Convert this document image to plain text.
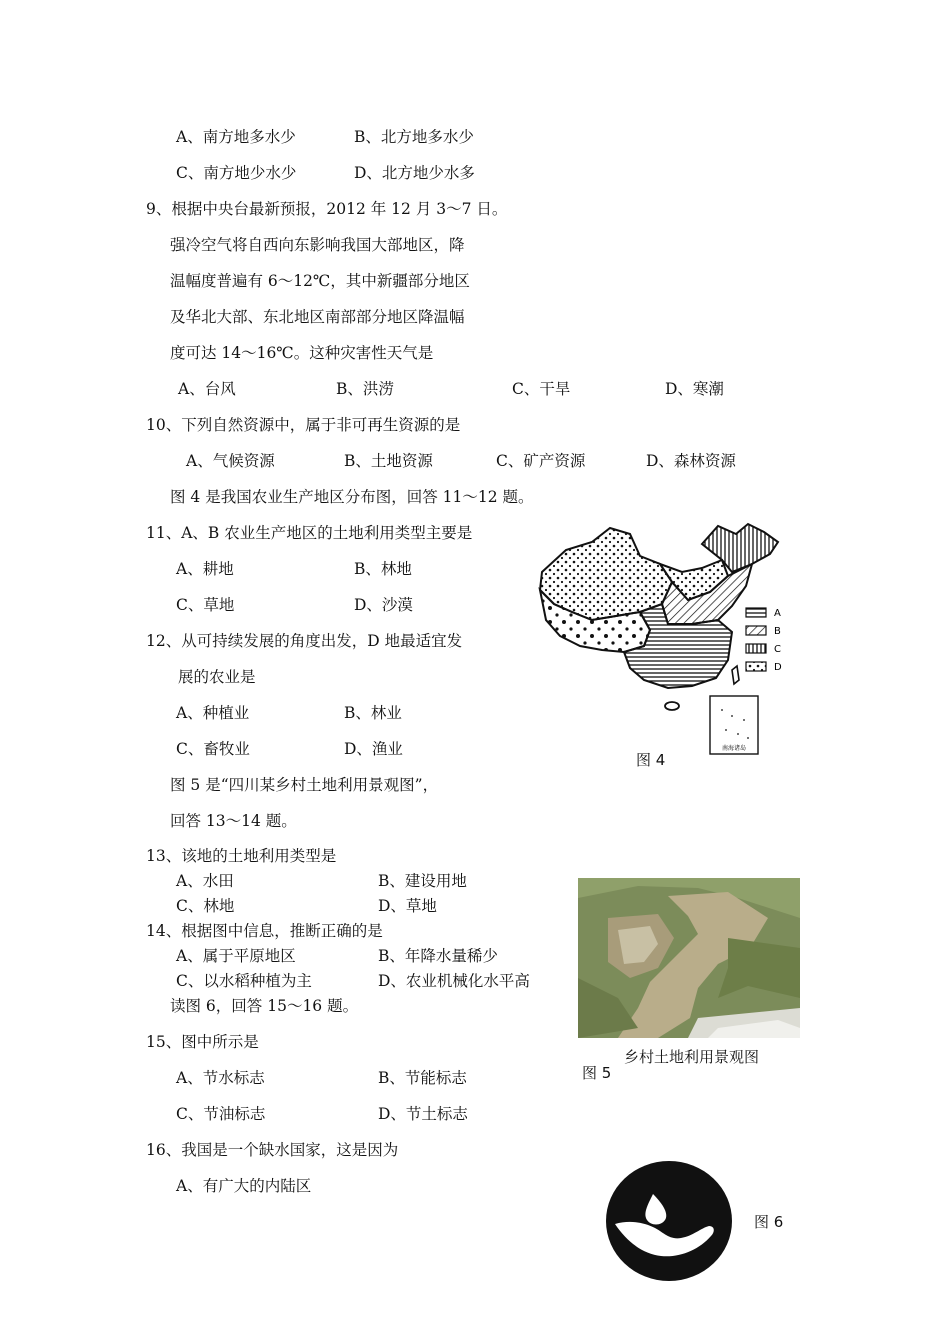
A、南方地多水少	B、北方地多水少
C、南方地少水少	D、北方地少水多
9、根据中央台最新预报，2012 年 12 月 3～7 日。
强冷空气将自西向东影响我国大部地区，降
温幅度普遍有 6～12℃，其中新疆部分地区
及华北大部、东北地区南部部分地区降温幅
度可达 14～16℃。这种灾害性天气是
A、台风	B、洪涝	C、干旱	D、寒潮
10、下列自然资源中，属于非可再生资源的是
A、气候资源	B、土地资源	C、矿产资源	D、森林资源
图 4 是我国农业生产地区分布图，回答 11～12 题。
11、A、B 农业生产地区的土地利用类型主要是
A、耕地	B、林地
C、草地	D、沙漠
12、从可持续发展的角度出发，D 地最适宜发
展的农业是
A、种植业	B、林业
C、畜牧业	D、渔业
图 5 是“四川某乡村土地利用景观图”，
回答 13～14 题。
13、该地的土地利用类型是
A、水田	B、建设用地
C、林地	D、草地
14、根据图中信息，推断正确的是
A、属于平原地区	B、年降水量稀少
C、以水稻种植为主	D、农业机械化水平高
读图 6，回答 15～16 题。
15、图中所示是
A、节水标志	B、节能标志
C、节油标志	D、节土标志
16、我国是一个缺水国家，这是因为
A、有广大的内陆区
南海诸岛
A
B
C
D
图 4
乡村土地利用景观图
图 5
图 6
